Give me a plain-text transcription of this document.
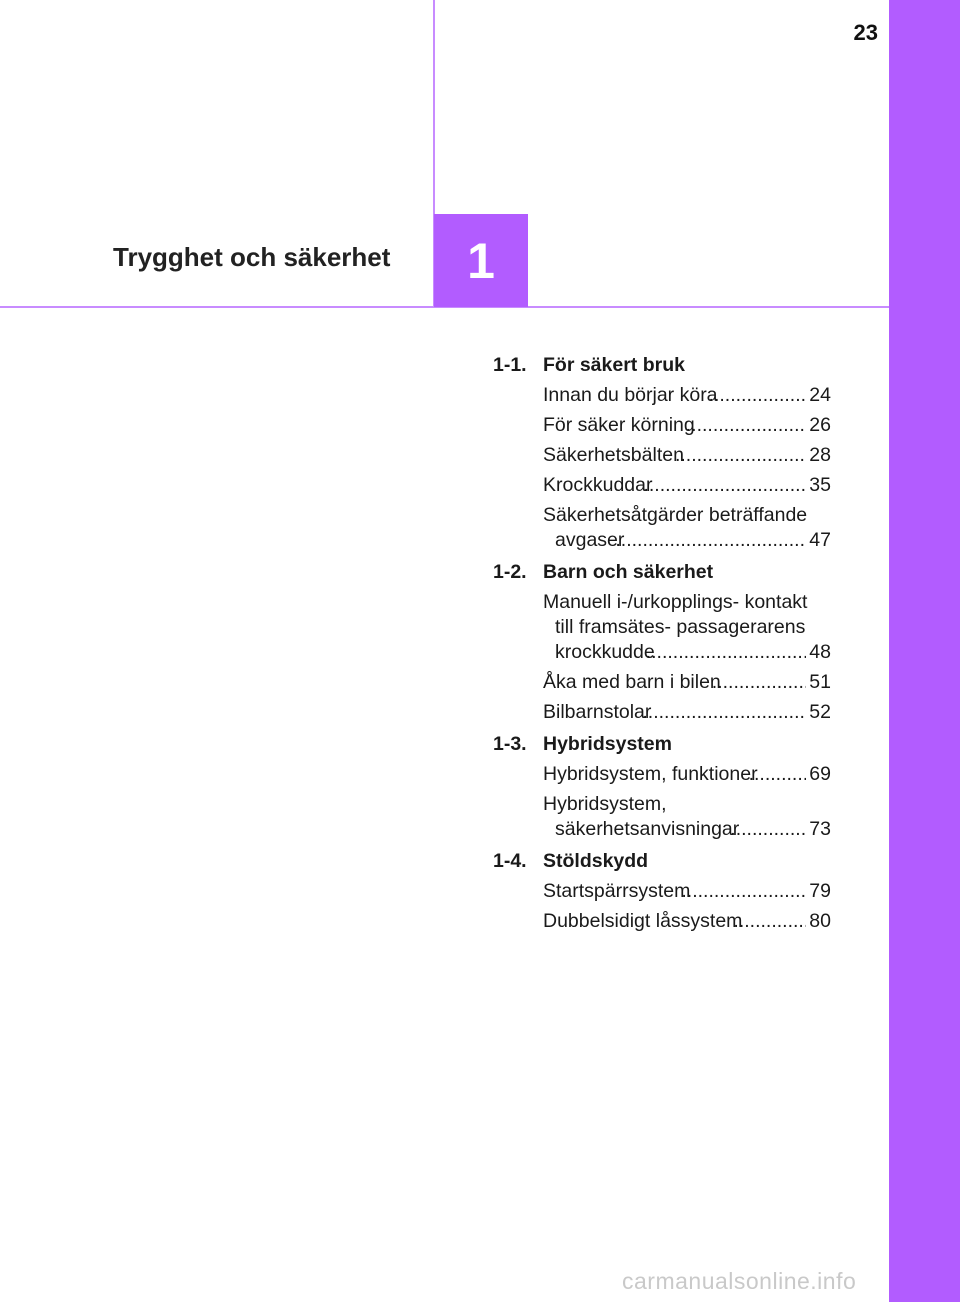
23
Trygghet och säkerhet 1
1-1. För säkert bruk
Innan du börjar köra .....	24
För säker körning .....	26
Säkerhetsbälten .....	28
Krockkuddar .....	35
Säkerhetsåtgärder beträffande avgaser .....	47
1-2. Barn och säkerhet
Manuell i-/urkopplings- kontakt till framsätes- passagerarens krockkudde .....	48
Åka med barn i bilen .....	51
Bilbarnstolar .....	52
1-3. Hybridsystem
Hybridsystem, funktioner .....	69
Hybridsystem, säkerhetsanvisningar .....	73
1-4. Stöldskydd
Startspärrsystem .....	79
Dubbelsidigt låssystem .....	80
carmanualsonline.info
